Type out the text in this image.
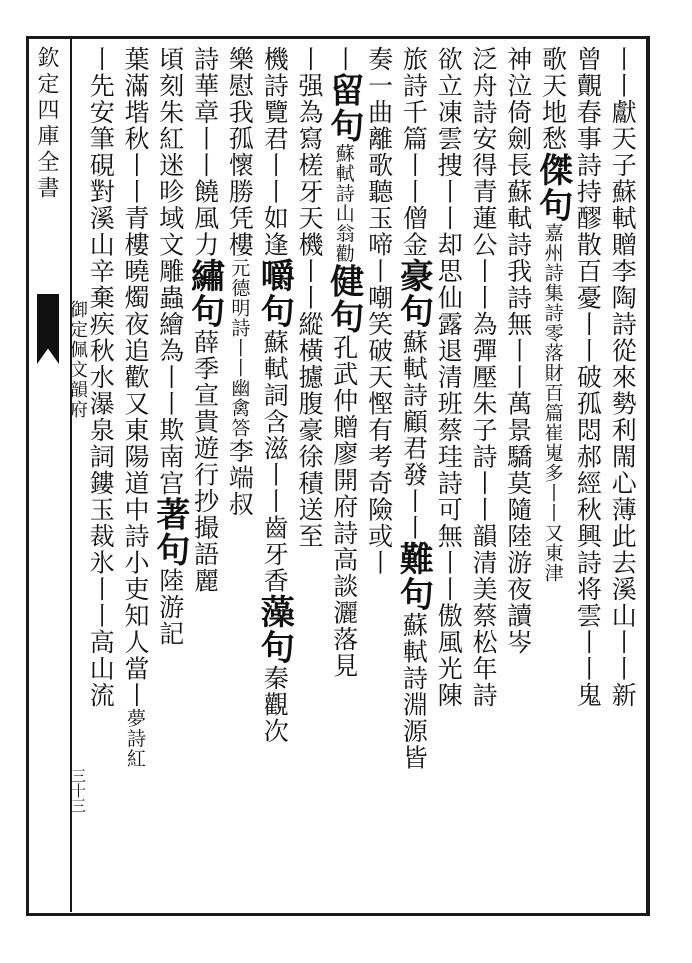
欽定四庫全書
御定佩文韻府
三十三
丨丨獻天子蘇軾贈李陶詩從來勢利閙心薄此去溪山丨丨新
曾覿春事詩持醪散百憂丨丨破孤悶郝經秋興詩将雲丨丨鬼
歌天地愁傑句嘉州詩集詩零落財百篇崔嵬多丨丨又東津
神泣倚劍長蘇軾詩我詩無丨丨萬景驕莫隨陸游夜讀岑
泛舟詩安得青蓮公丨丨為彈壓朱子詩丨丨韻清美蔡松年詩
欲立凍雲捜丨丨却思仙露退清班蔡珪詩可無丨丨傲風光陳
旅詩千篇丨丨僧金豪句蘇軾詩顧君發丨丨難句蘇軾詩淵源皆
奏一曲離歌聽玉啼丨嘲笑破天慳有考奇險或丨
丨留句蘇軾詩山翁勸健句孔武仲贈廖開府詩高談灑落見
丨强為寫槎牙天機丨丨縱橫攄腹豪徐積送至
機詩覽君丨丨如逢嚼句蘇軾詞含滋丨丨齒牙香藻句秦觀次
樂慰我孤懷勝凭樓元德明詩丨丨幽禽答李端叔
詩華章丨丨饒風力繡句薛季宣貴遊行抄撮語麗
頃刻朱紅迷昣域文雕蟲繪為丨丨欺南宫著句陸游記
葉滿堦秋丨丨青樓曉燭夜追歡又東陽道中詩小吏知人當丨夢詩紅
丨先安筆硯對溪山辛棄疾秋水瀑泉詞鏤玉裁氷丨丨高山流
